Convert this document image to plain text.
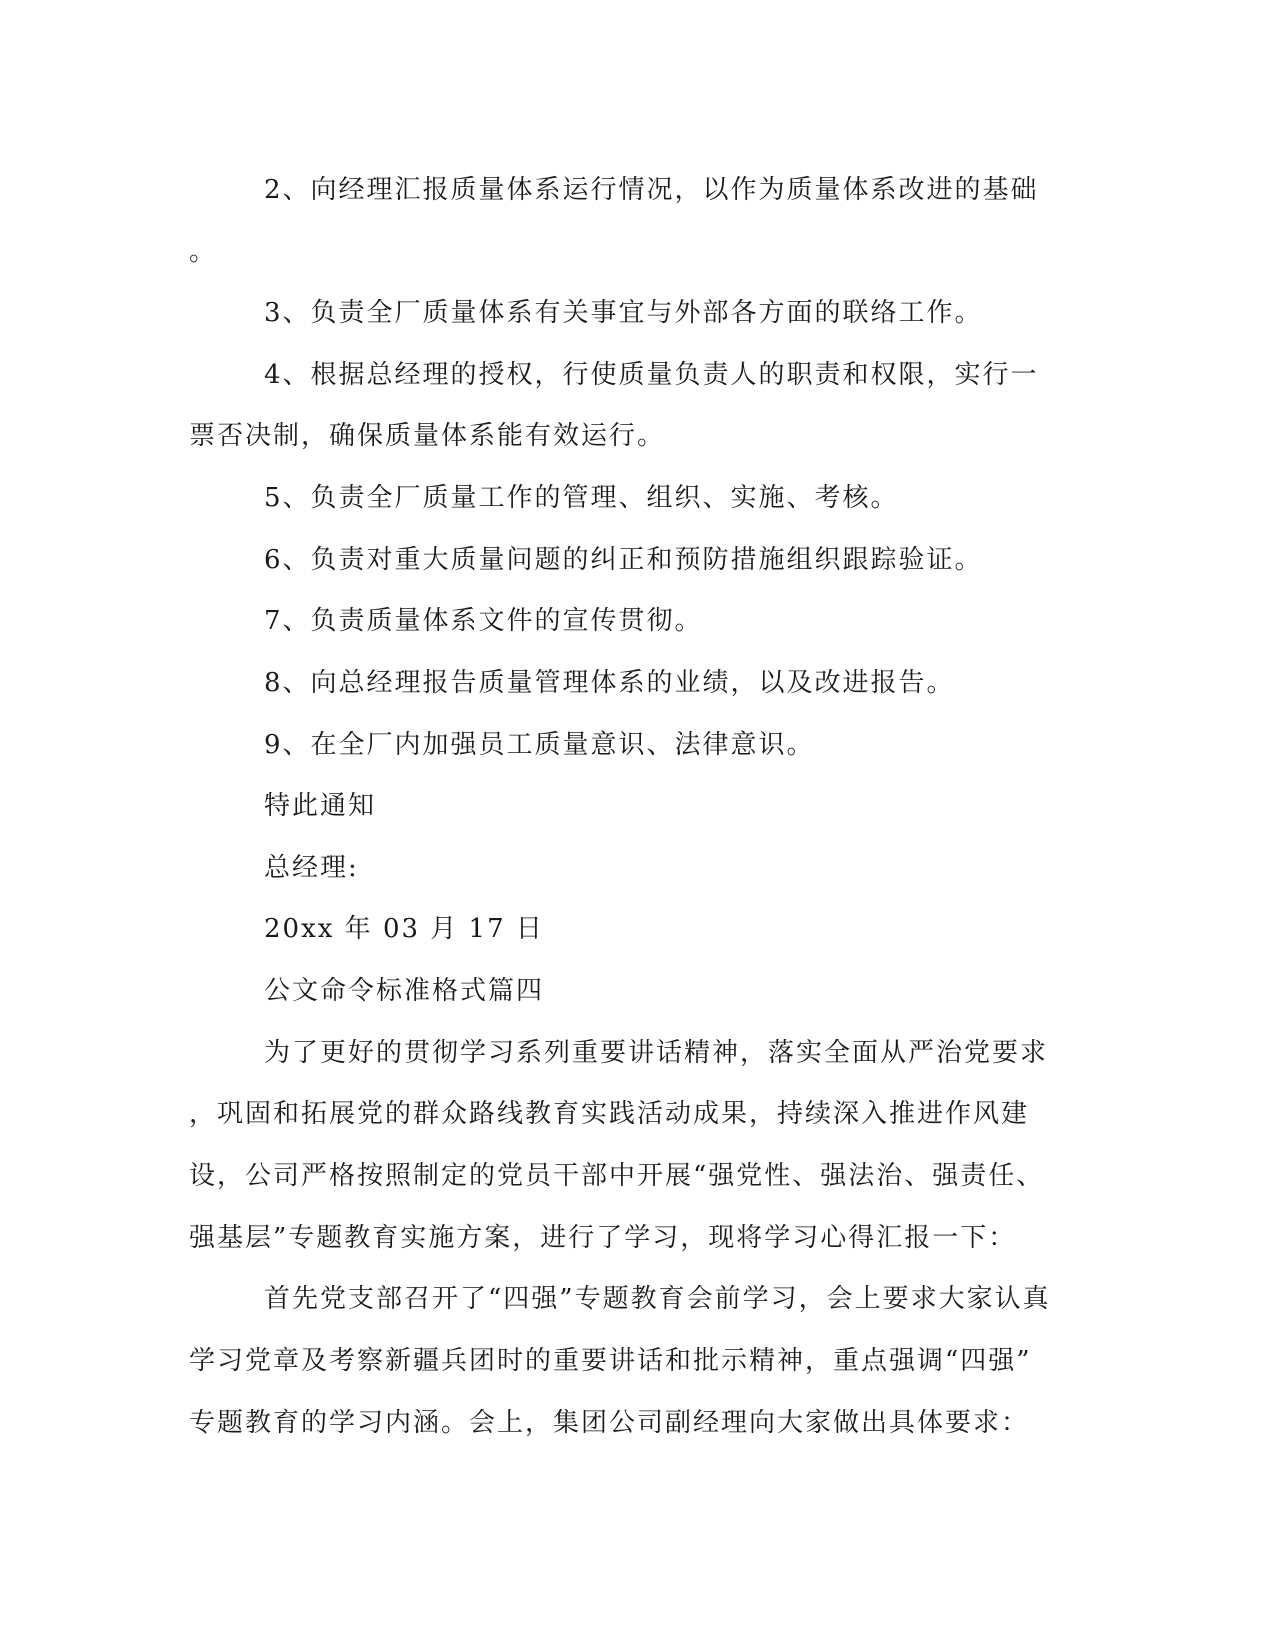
2、向经理汇报质量体系运行情况，以作为质量体系改进的基础
。
3、负责全厂质量体系有关事宜与外部各方面的联络工作。
4、根据总经理的授权，行使质量负责人的职责和权限，实行一
票否决制，确保质量体系能有效运行。
5、负责全厂质量工作的管理、组织、实施、考核。
6、负责对重大质量问题的纠正和预防措施组织跟踪验证。
7、负责质量体系文件的宣传贯彻。
8、向总经理报告质量管理体系的业绩，以及改进报告。
9、在全厂内加强员工质量意识、法律意识。
特此通知
总经理:
20xx 年 03 月 17 日
公文命令标准格式篇四
为了更好的贯彻学习系列重要讲话精神，落实全面从严治党要求
，巩固和拓展党的群众路线教育实践活动成果，持续深入推进作风建
设，公司严格按照制定的党员干部中开展“强党性、强法治、强责任、
强基层”专题教育实施方案，进行了学习，现将学习心得汇报一下：
首先党支部召开了“四强”专题教育会前学习，会上要求大家认真
学习党章及考察新疆兵团时的重要讲话和批示精神，重点强调“四强”
专题教育的学习内涵。会上，集团公司副经理向大家做出具体要求：
